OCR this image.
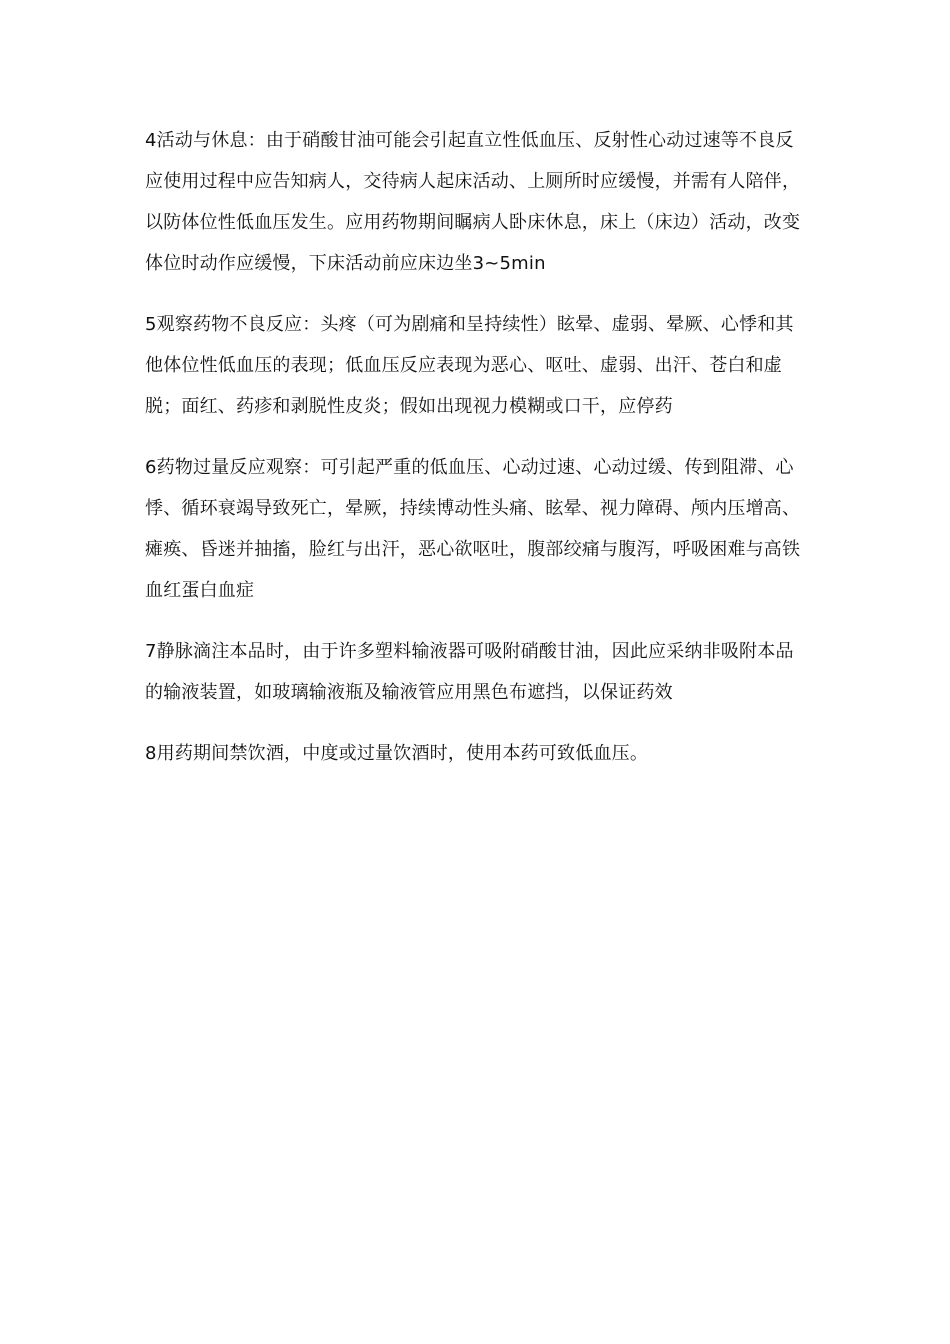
4活动与休息：由于硝酸甘油可能会引起直立性低血压、反射性心动过速等不良反应使用过程中应告知病人，交待病人起床活动、上厕所时应缓慢，并需有人陪伴，以防体位性低血压发生。应用药物期间瞩病人卧床休息，床上（床边）活动，改变体位时动作应缓慢，下床活动前应床边坐3~5min

5观察药物不良反应：头疼（可为剧痛和呈持续性）眩晕、虚弱、晕厥、心悸和其他体位性低血压的表现；低血压反应表现为恶心、呕吐、虚弱、出汗、苍白和虚脱；面红、药疹和剥脱性皮炎；假如出现视力模糊或口干，应停药

6药物过量反应观察：可引起严重的低血压、心动过速、心动过缓、传到阻滞、心悸、循环衰竭导致死亡，晕厥，持续博动性头痛、眩晕、视力障碍、颅内压增高、瘫痪、昏迷并抽搐，脸红与出汗，恶心欲呕吐，腹部绞痛与腹泻，呼吸困难与高铁血红蛋白血症

7静脉滴注本品时，由于许多塑料输液器可吸附硝酸甘油，因此应采纳非吸附本品的输液装置，如玻璃输液瓶及输液管应用黑色布遮挡，以保证药效

8用药期间禁饮酒，中度或过量饮酒时，使用本药可致低血压。
